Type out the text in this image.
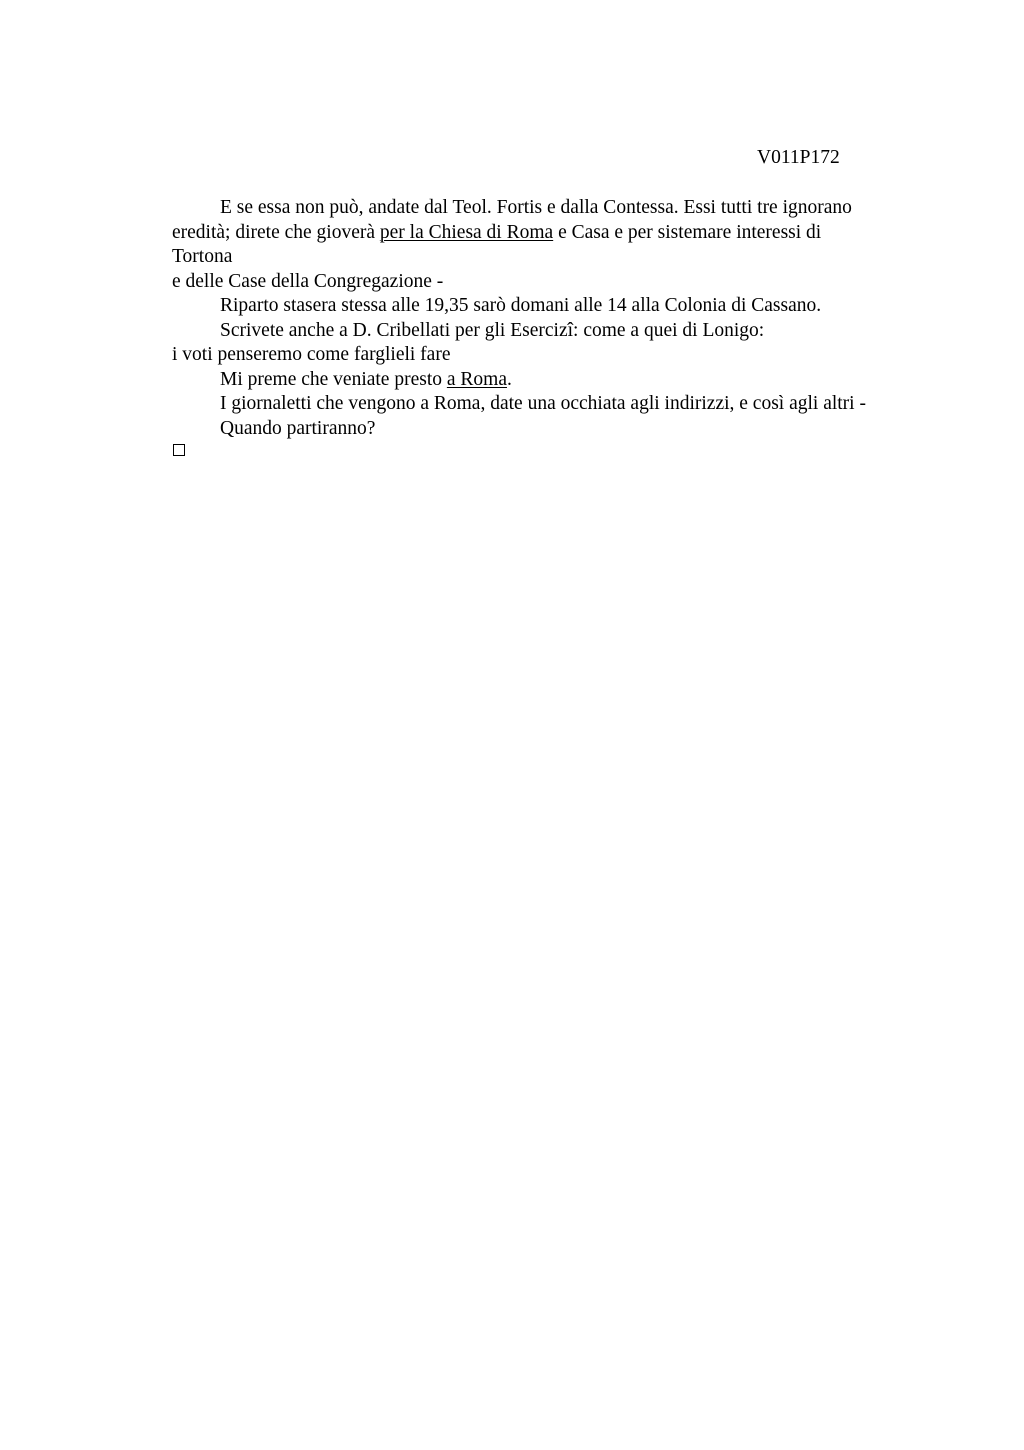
V011P172
E se essa non può, andate dal Teol. Fortis e dalla Contessa. Essi tutti tre ignorano
eredità; direte che gioverà per la Chiesa di Roma e Casa e per sistemare interessi di
Tortona
e delle Case della Congregazione -
Riparto stasera stessa alle 19,35 sarò domani alle 14 alla Colonia di Cassano.
Scrivete anche a D. Cribellati per gli Esercizi: come a quei di Lonigo:
i voti penseremo come farglieli fare
Mi preme che veniate presto a Roma.
I giornaletti che vengono a Roma, date una occhiata agli indirizzi, e così agli altri -
Quando partiranno?
